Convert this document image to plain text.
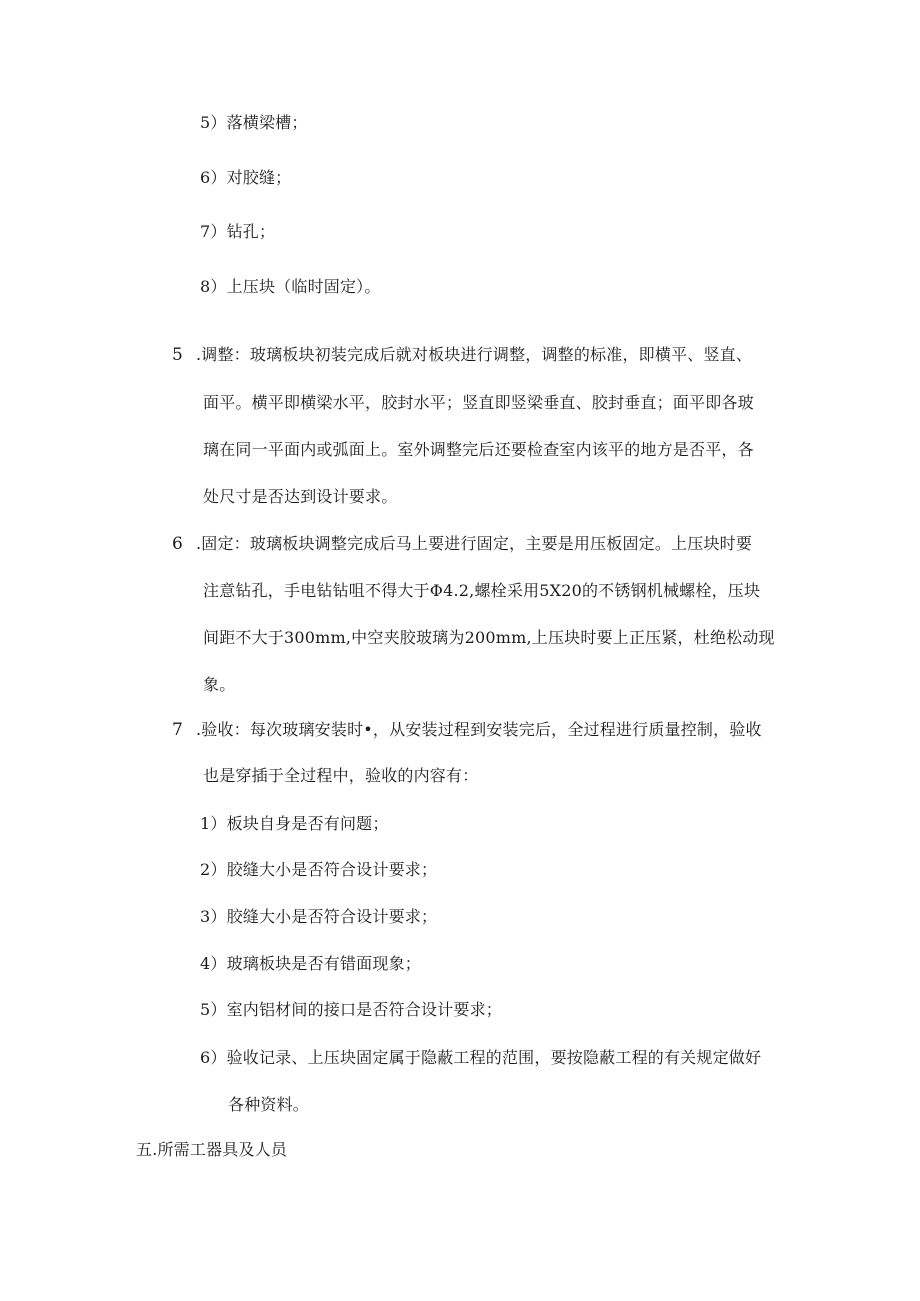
5）落横梁槽；
6）对胶缝；
7）钻孔；
8）上压块（临时固定）。
5 .调整：玻璃板块初装完成后就对板块进行调整，调整的标准，即横平、竖直、
面平。横平即横梁水平，胶封水平；竖直即竖梁垂直、胶封垂直；面平即各玻
璃在同一平面内或弧面上。室外调整完后还要检查室内该平的地方是否平，各
处尺寸是否达到设计要求。
6 .固定：玻璃板块调整完成后马上要进行固定，主要是用压板固定。上压块时要
注意钻孔，手电钻钻咀不得大于Φ4.2,螺栓采用5X20的不锈钢机械螺栓，压块
间距不大于300mm,中空夹胶玻璃为200mm,上压块时要上正压紧，杜绝松动现
象。
7 .验收：每次玻璃安装时•，从安装过程到安装完后，全过程进行质量控制，验收
也是穿插于全过程中，验收的内容有：
1）板块自身是否有问题；
2）胶缝大小是否符合设计要求；
3）胶缝大小是否符合设计要求；
4）玻璃板块是否有错面现象；
5）室内铝材间的接口是否符合设计要求；
6）验收记录、上压块固定属于隐蔽工程的范围，要按隐蔽工程的有关规定做好
各种资料。
五.所需工器具及人员
